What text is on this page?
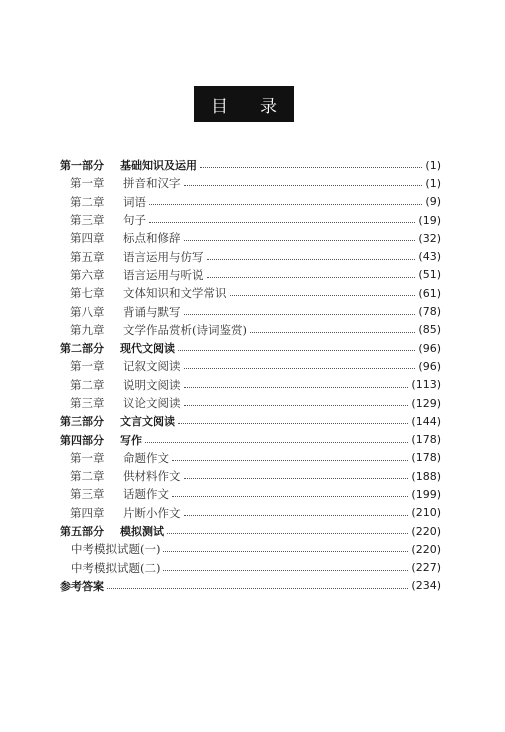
目 录
第一部分 基础知识及运用	(1)
第一章 拼音和汉字	(1)
第二章 词语	(9)
第三章 句子	(19)
第四章 标点和修辞	(32)
第五章 语言运用与仿写	(43)
第六章 语言运用与听说	(51)
第七章 文体知识和文学常识	(61)
第八章 背诵与默写	(78)
第九章 文学作品赏析(诗词鉴赏)	(85)
第二部分 现代文阅读	(96)
第一章 记叙文阅读	(96)
第二章 说明文阅读	(113)
第三章 议论文阅读	(129)
第三部分 文言文阅读	(144)
第四部分 写作	(178)
第一章 命题作文	(178)
第二章 供材料作文	(188)
第三章 话题作文	(199)
第四章 片断小作文	(210)
第五部分 模拟测试	(220)
中考模拟试题(一)	(220)
中考模拟试题(二)	(227)
参考答案	(234)
